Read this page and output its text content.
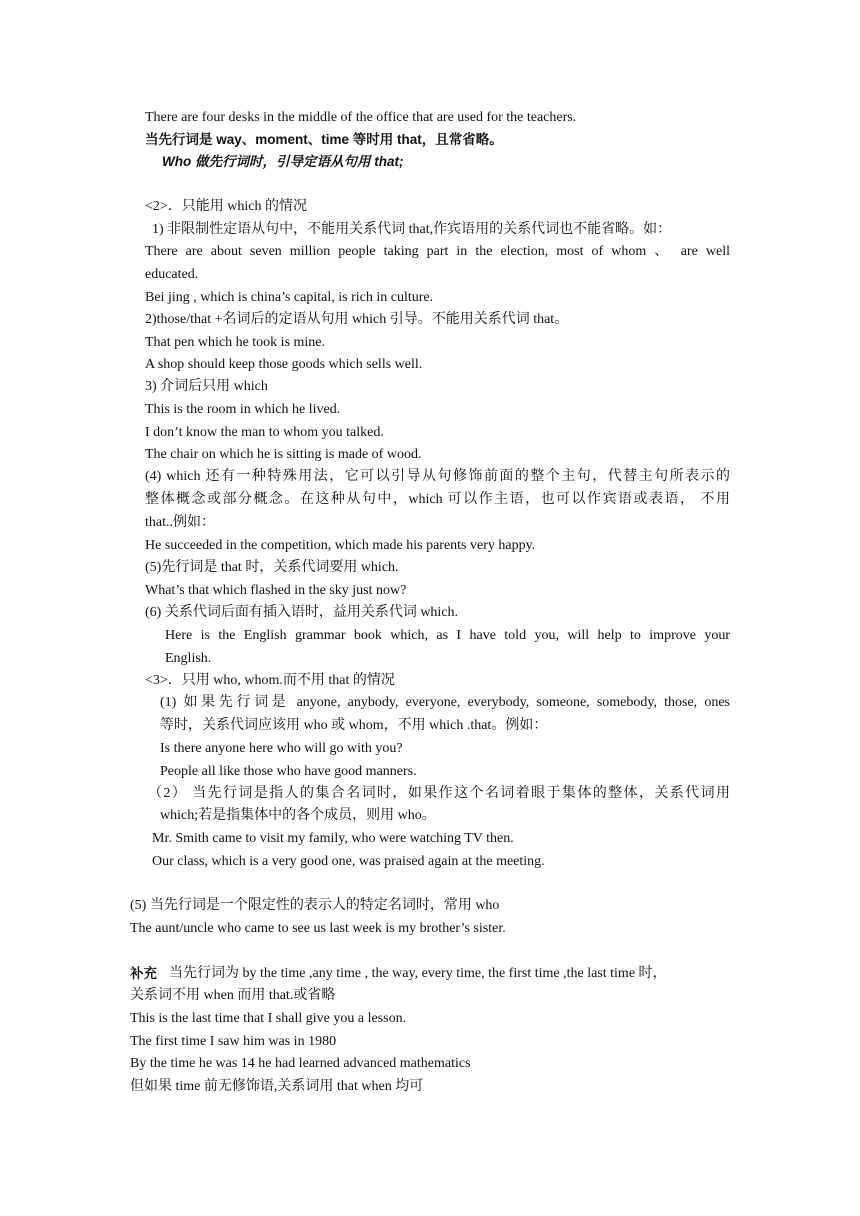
There are four desks in the middle of the office that are used for the teachers.
当先行词是 way、moment、time 等时用 that，且常省略。
Who 做先行词时，引导定语从句用 that;
<2>．只能用 which 的情况
1) 非限制性定语从句中，不能用关系代词 that,作宾语用的关系代词也不能省略。如：
There are about seven million people taking part in the election, most of whom 、 are well
educated.
Bei jing , which is china’s capital, is rich in culture.
2)those/that +名词后的定语从句用 which 引导。不能用关系代词 that。
That pen which he took is mine.
A shop should keep those goods which sells well.
3) 介词后只用 which
This is the room in which he lived.
I don’t know the man to whom you talked.
The chair on which he is sitting is made of wood.
(4) which 还有一种特殊用法，它可以引导从句修饰前面的整个主句，代替主句所表示的
整体概念或部分概念。在这种从句中，which 可以作主语，也可以作宾语或表语， 不用
that..例如：
He succeeded in the competition, which made his parents very happy.
(5)先行词是 that 时，关系代词要用 which.
What’s that which flashed in the sky just now?
(6) 关系代词后面有插入语时，益用关系代词 which.
Here is the English grammar book which, as I have told you, will help to improve your
English.
<3>．只用 who, whom.而不用 that 的情况
(1) 如果先行词是 anyone, anybody, everyone, everybody, someone, somebody, those, ones
等时，关系代词应该用 who 或 whom，不用 which .that。例如：
Is there anyone here who will go with you?
People all like those who have good manners.
（2） 当先行词是指人的集合名词时，如果作这个名词着眼于集体的整体，关系代词用
which;若是指集体中的各个成员，则用 who。
Mr. Smith came to visit my family, who were watching TV then.
Our class, which is a very good one, was praised again at the meeting.
(5) 当先行词是一个限定性的表示人的特定名词时，常用 who
The aunt/uncle who came to see us last week is my brother’s sister.
补充 当先行词为 by the time ,any time , the way, every time, the first time ,the last time 时，
关系词不用 when 而用 that.或省略
This is the last time that I shall give you a lesson.
The first time I saw him was in 1980
By the time he was 14 he had learned advanced mathematics
但如果 time 前无修饰语,关系词用 that when 均可
